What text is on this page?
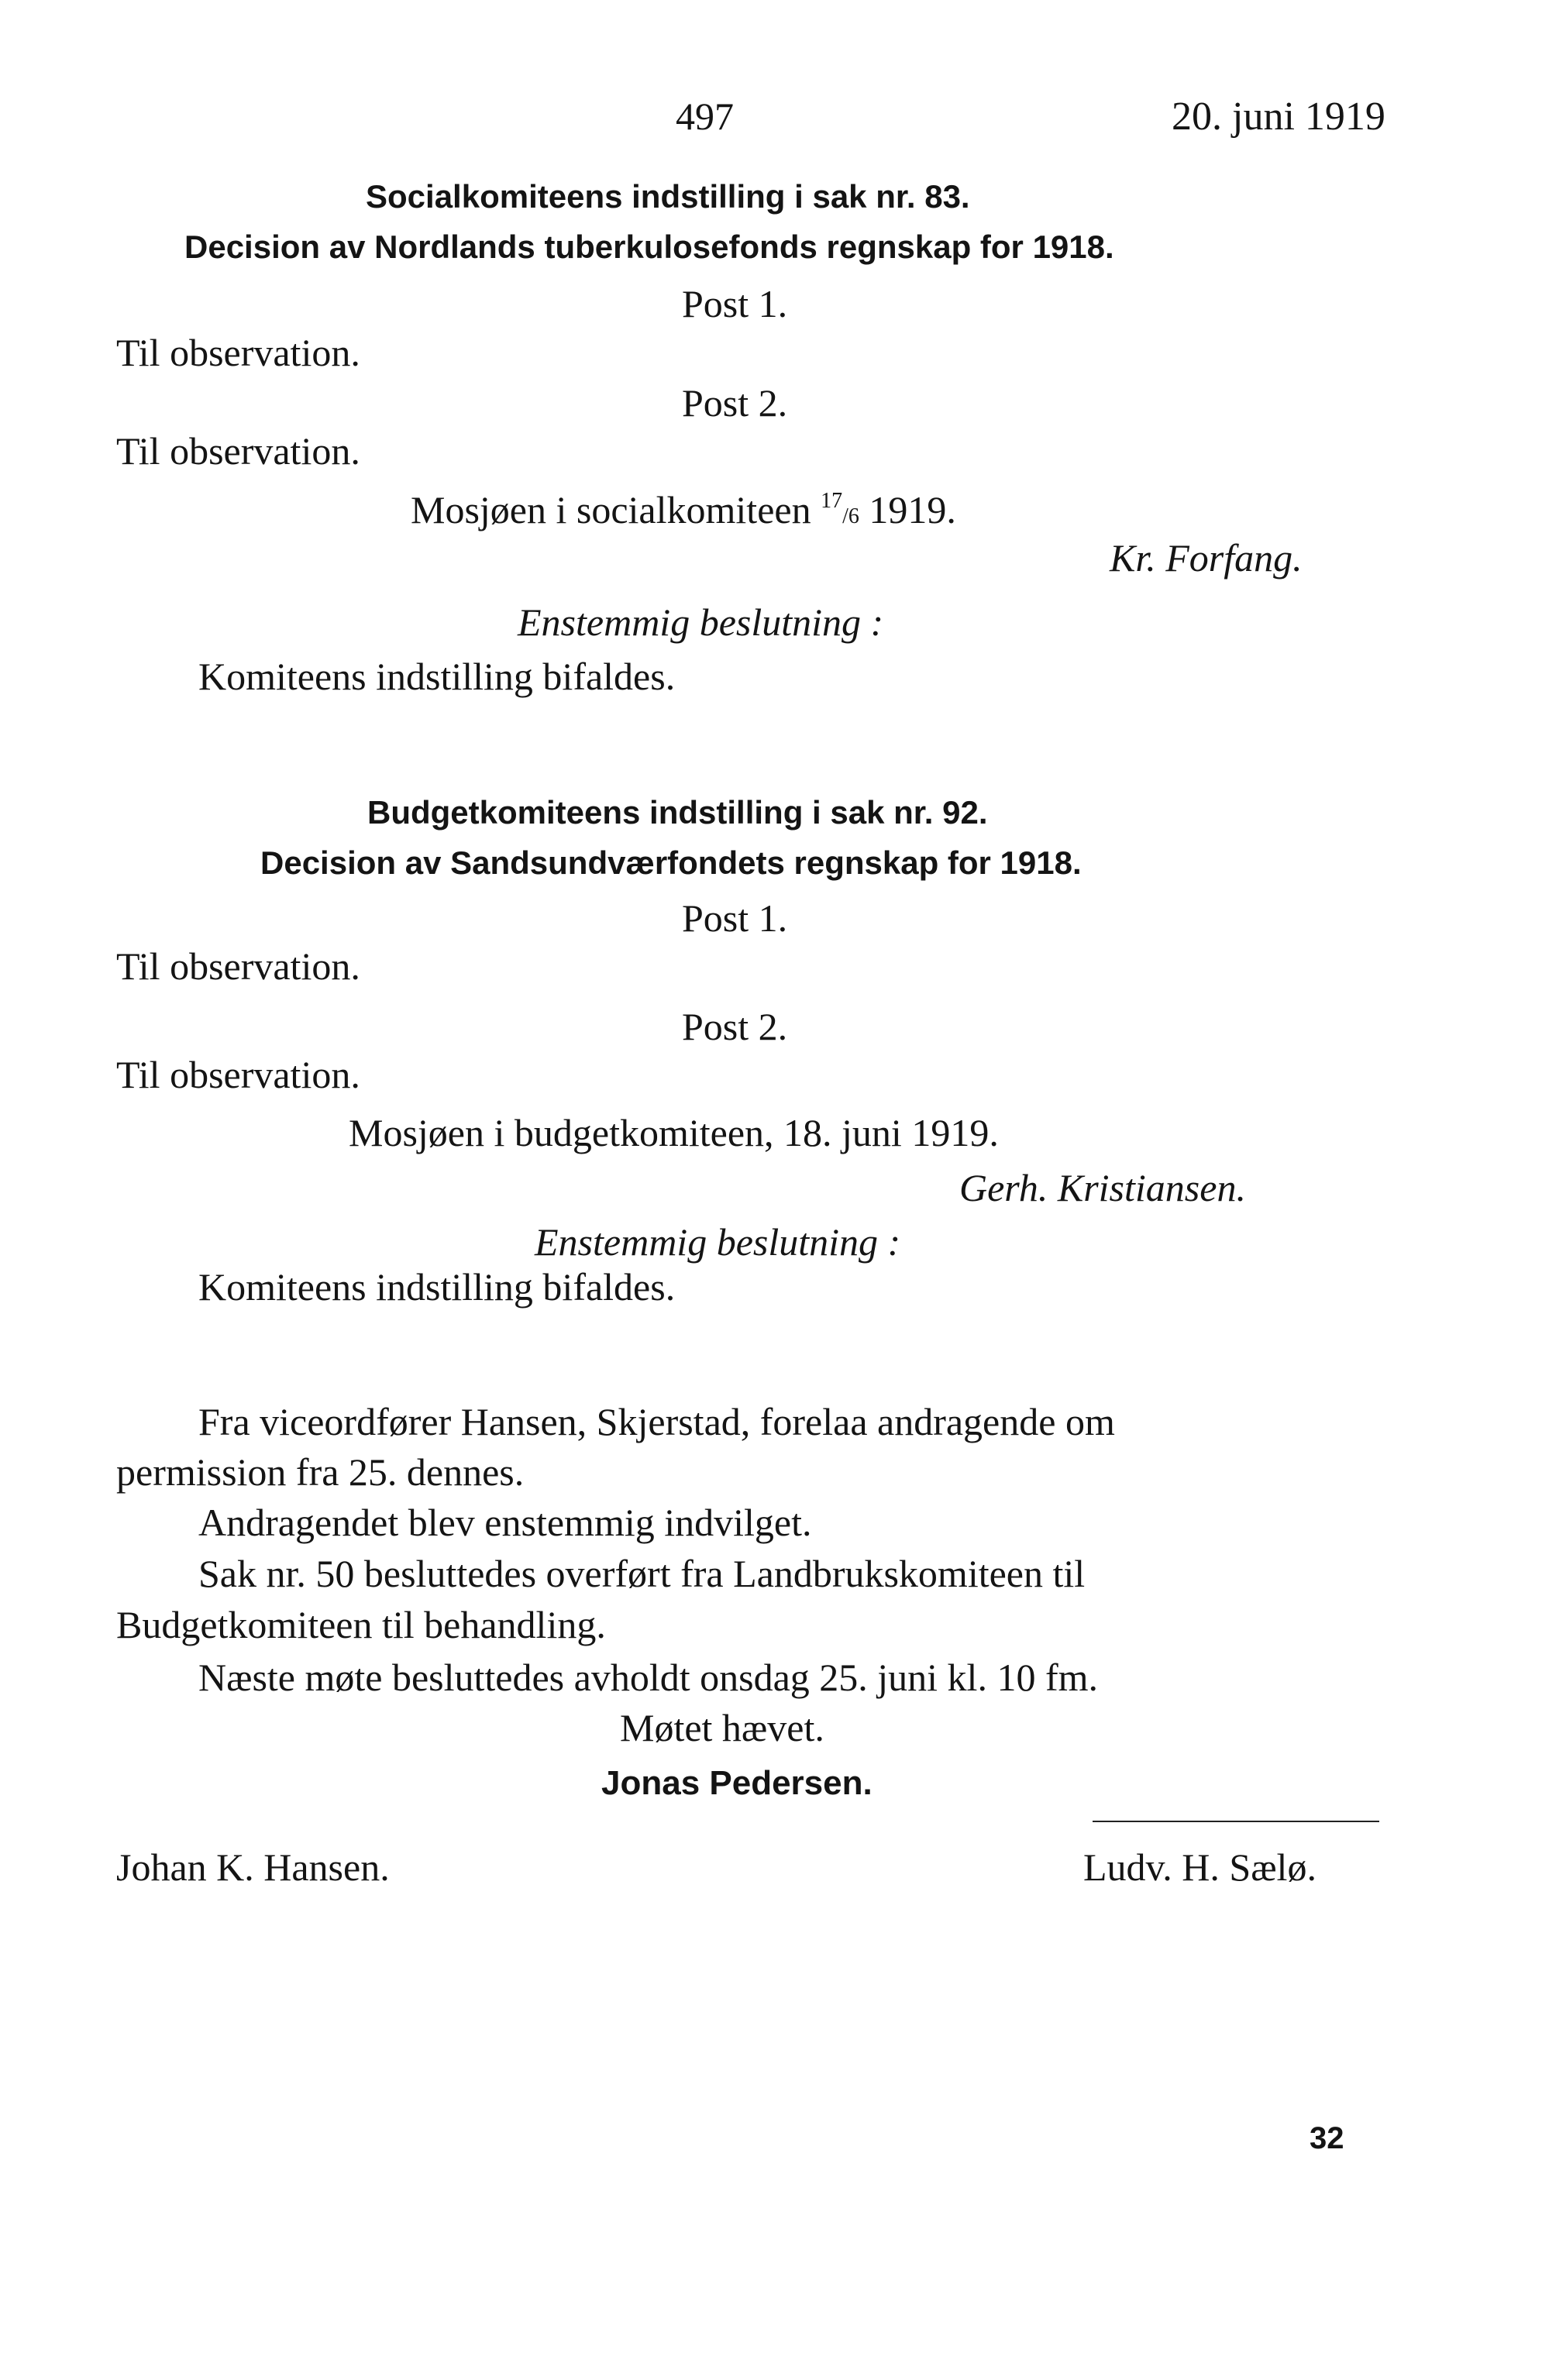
497	20. juni 1919
Socialkomiteens indstilling i sak nr. 83.
Decision av Nordlands tuberkulosefonds regnskap for 1918.
Post 1.
Til observation.
Post 2.
Til observation.
Mosjøen i socialkomiteen $^{17}$/6 1919.
Kr. Forfang.
Enstemmig beslutning :
Komiteens indstilling bifaldes.
Budgetkomiteens indstilling i sak nr. 92.
Decision av Sandsundværfondets regnskap for 1918.
Post 1.
Til observation.
Post 2.
Til observation.
Mosjøen i budgetkomiteen, 18. juni 1919.
Gerh. Kristiansen.
Enstemmig beslutning :
Komiteens indstilling bifaldes.
Fra viceordfører Hansen, Skjerstad, forelaa andragende om
permission fra 25. dennes.
Andragendet blev enstemmig indvilget.
Sak nr. 50 besluttedes overført fra Landbrukskomiteen til
Budgetkomiteen til behandling.
Næste møte besluttedes avholdt onsdag 25. juni kl. 10 fm.
Møtet hævet.
Jonas Pedersen.
Johan K. Hansen.	Ludv. H. Sælø.
32
